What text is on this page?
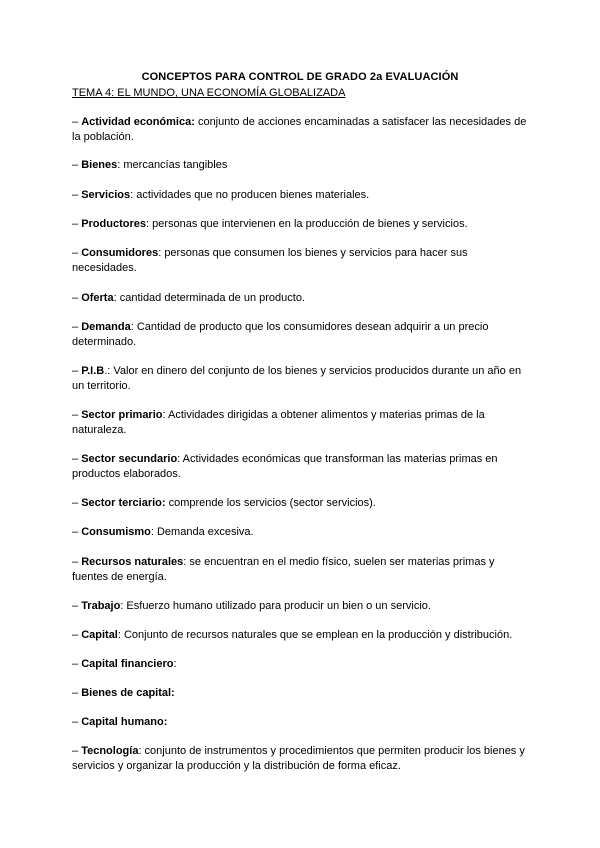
CONCEPTOS PARA CONTROL DE GRADO 2a EVALUACIÓN
TEMA 4: EL MUNDO, UNA ECONOMÍA GLOBALIZADA
– Actividad económica: conjunto de acciones encaminadas a satisfacer las necesidades de la población.
– Bienes: mercancías tangibles
– Servicios: actividades que no producen bienes materiales.
– Productores: personas que intervienen en la producción de bienes y servicios.
– Consumidores: personas que consumen los bienes y servicios para hacer sus necesidades.
– Oferta: cantidad determinada de un producto.
– Demanda: Cantidad de producto que los consumidores desean adquirir a un precio determinado.
– P.I.B.: Valor en dinero del conjunto de los bienes y servicios producidos durante un año en un territorio.
– Sector primario: Actividades dirigidas a obtener alimentos y materias primas de la naturaleza.
– Sector secundario: Actividades económicas que transforman las materias primas en productos elaborados.
– Sector terciario: comprende los servicios (sector servicios).
– Consumismo: Demanda excesiva.
– Recursos naturales: se encuentran en el medio físico, suelen ser materias primas y fuentes de energía.
– Trabajo: Esfuerzo humano utilizado para producir un bien o un servicio.
– Capital: Conjunto de recursos naturales que se emplean en la producción y distribución.
– Capital financiero:
– Bienes de capital:
– Capital humano:
– Tecnología: conjunto de instrumentos y procedimientos que permiten producir los bienes y servicios y organizar la producción y la distribución de forma eficaz.
